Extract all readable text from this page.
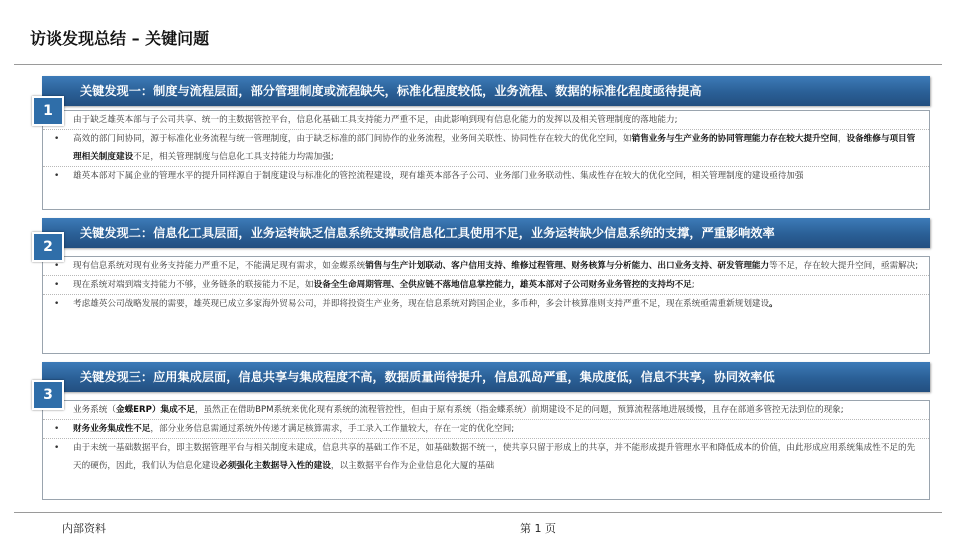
访谈发现总结 – 关键问题
关键发现一：制度与流程层面，部分管理制度或流程缺失，标准化程度较低，业务流程、数据的标准化程度亟待提高
1
• 由于缺乏雄英本部与子公司共享、统一的主数据管控平台，信息化基础工具支持能力严重不足，由此影响到现有信息化能力的发挥以及相关管理制度的落地能力;
• 高效的部门间协同，源于标准化业务流程与统一管理制度，由于缺乏标准的部门间协作的业务流程，业务间关联性、协同性存在较大的优化空间，如销售业务与生产业务的协同管理能力存在较大提升空间，设备维修与项目管理相关制度建设不足，相关管理制度与信息化工具支持能力均需加强;
• 雄英本部对下属企业的管理水平的提升同样源自于制度建设与标准化的管控流程建设，现有雄英本部各子公司、业务部门业务联动性、集成性存在较大的优化空间，相关管理制度的建设亟待加强
关键发现二：信息化工具层面，业务运转缺乏信息系统支撑或信息化工具使用不足，业务运转缺少信息系统的支撑，严重影响效率
2
• 现有信息系统对现有业务支持能力严重不足，不能满足现有需求，如金蝶系统销售与生产计划联动、客户信用支持、维修过程管理、财务核算与分析能力、出口业务支持、研发管理能力等不足，存在较大提升空间，亟需解决;
• 现在系统对端到端支持能力不够，业务链条的联接能力不足，如设备全生命周期管理、全供应链不落地信息掌控能力，雄英本部对子公司财务业务管控的支持均不足;
• 考虑雄英公司战略发展的需要，雄英现已成立多家海外贸易公司，并即将投资生产业务，现在信息系统对跨国企业，多币种，多会计核算准则支持严重不足，现在系统亟需重新规划建设。
关键发现三：应用集成层面，信息共享与集成程度不高，数据质量尚待提升，信息孤岛严重，集成度低，信息不共享，协同效率低
3
• 业务系统（金蝶ERP）集成不足，虽然正在借助BPM系统来优化现有系统的流程管控性，但由于原有系统（指金蝶系统）前期建设不足的问题，预算流程落地进展缓慢，且存在部道多管控无法到位的现象;
• 财务业务集成性不足，部分业务信息需通过系统外传递才满足核算需求，手工录入工作量较大，存在一定的优化空间;
• 由于未统一基础数据平台，即主数据管理平台与相关制度未建成，信息共享的基础工作不足，如基础数据不统一，使共享只留于形成上的共享，并不能形成提升管理水平和降低成本的价值，由此形成应用系统集成性不足的先天的硬伤，因此，我们认为信息化建设必须强化主数据导入性的建设，以主数据平台作为企业信息化大厦的基础
内部资料	第 1 页
